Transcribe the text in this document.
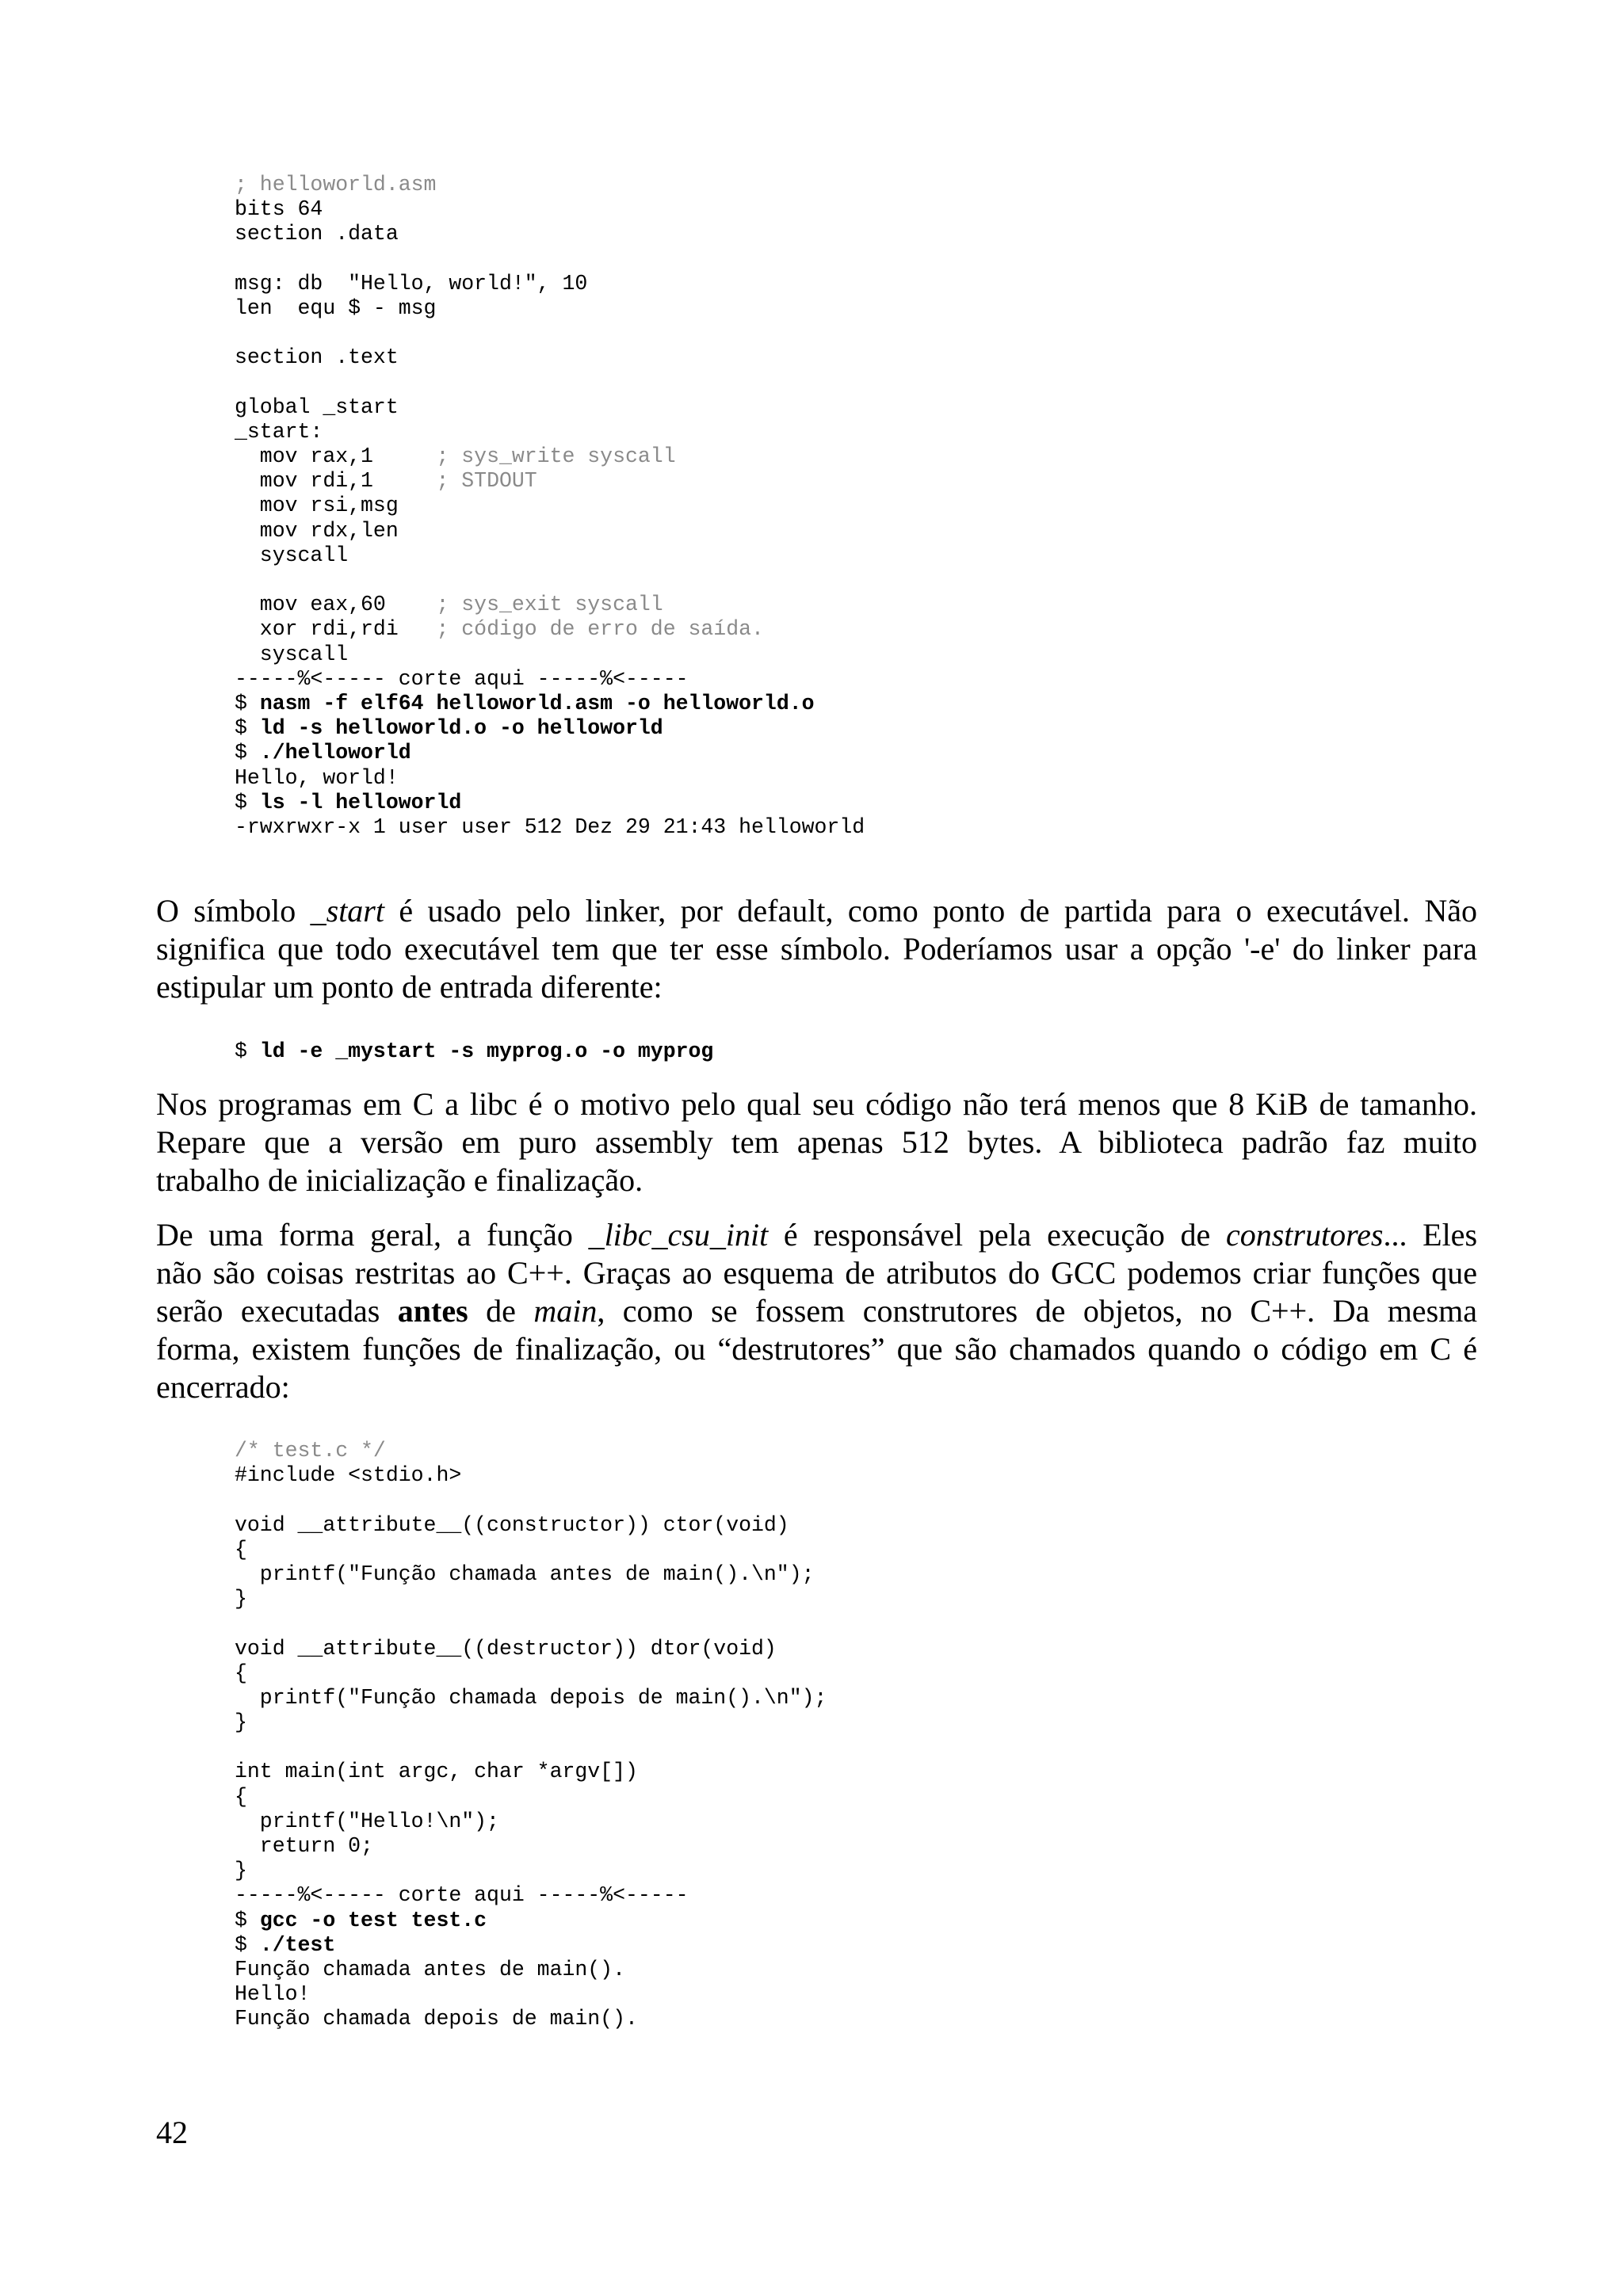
; helloworld.asm
bits 64
section .data
msg: db  "Hello, world!", 10
len  equ $ - msg
section .text
global _start
_start:
mov rax,1     ; sys_write syscall
mov rdi,1     ; STDOUT
mov rsi,msg
mov rdx,len
syscall
mov eax,60    ; sys_exit syscall
xor rdi,rdi   ; código de erro de saída.
syscall
-----%<----- corte aqui -----%<-----
$ nasm -f elf64 helloworld.asm -o helloworld.o
$ ld -s helloworld.o -o helloworld
$ ./helloworld
Hello, world!
$ ls -l helloworld
-rwxrwxr-x 1 user user 512 Dez 29 21:43 helloworld
O símbolo _start é usado pelo linker, por default, como ponto de partida para o executável. Não
significa que todo executável tem que ter esse símbolo. Poderíamos usar a opção '-e' do linker para
estipular um ponto de entrada diferente:
$ ld -e _mystart -s myprog.o -o myprog
Nos programas em C a libc é o motivo pelo qual seu código não terá menos que 8 KiB de tamanho.
Repare que a versão em puro assembly tem apenas 512 bytes. A biblioteca padrão faz muito
trabalho de inicialização e finalização.
De uma forma geral, a função _libc_csu_init é responsável pela execução de construtores... Eles
não são coisas restritas ao C++. Graças ao esquema de atributos do GCC podemos criar funções que
serão executadas antes de main, como se fossem construtores de objetos, no C++. Da mesma
forma, existem funções de finalização, ou “destrutores” que são chamados quando o código em C é
encerrado:
/* test.c */
#include <stdio.h>
void __attribute__((constructor)) ctor(void)
{
printf("Função chamada antes de main().\n");
}
void __attribute__((destructor)) dtor(void)
{
printf("Função chamada depois de main().\n");
}
int main(int argc, char *argv[])
{
printf("Hello!\n");
return 0;
}
-----%<----- corte aqui -----%<-----
$ gcc -o test test.c
$ ./test
Função chamada antes de main().
Hello!
Função chamada depois de main().
42
